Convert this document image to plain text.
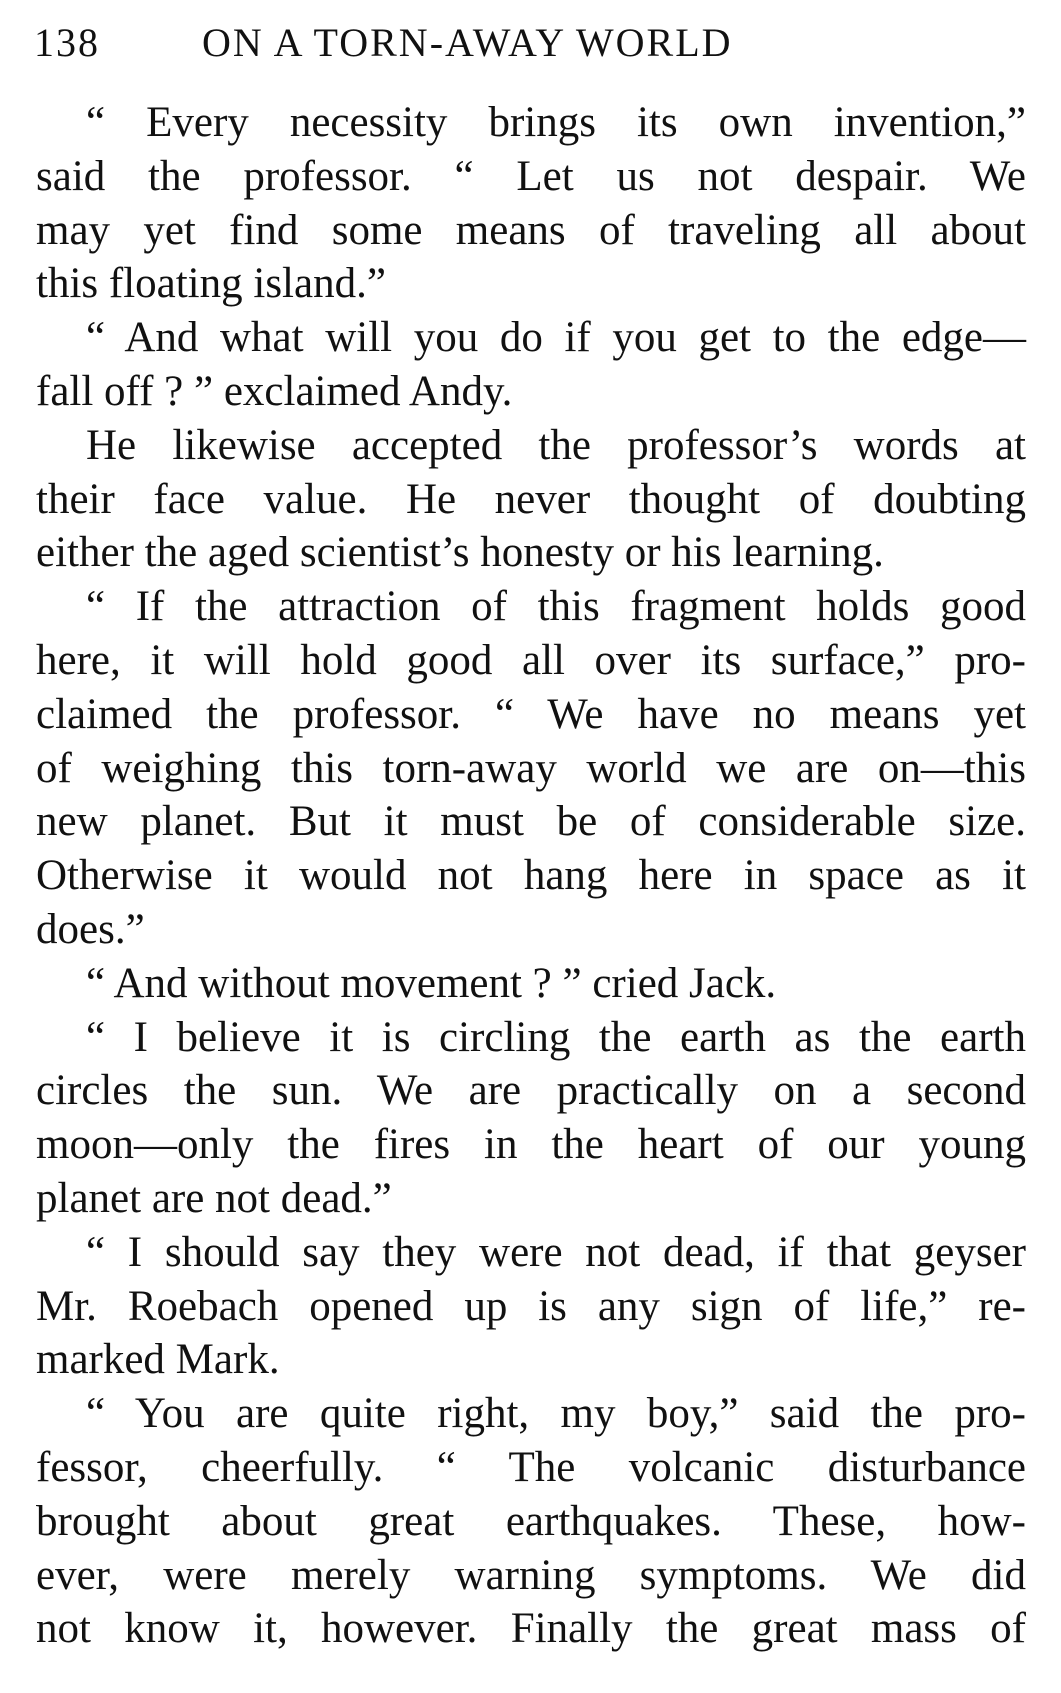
138	ON A TORN-AWAY WORLD
“ Every necessity brings its own invention,”
said the professor. “ Let us not despair. We
may yet find some means of traveling all about
this floating island.”
“ And what will you do if you get to the edge—
fall off ? ” exclaimed Andy.
He likewise accepted the professor’s words at
their face value. He never thought of doubting
either the aged scientist’s honesty or his learning.
“ If the attraction of this fragment holds good
here, it will hold good all over its surface,” pro-
claimed the professor. “ We have no means yet
of weighing this torn-away world we are on—this
new planet. But it must be of considerable size.
Otherwise it would not hang here in space as it
does.”
“ And without movement ? ” cried Jack.
“ I believe it is circling the earth as the earth
circles the sun. We are practically on a second
moon—only the fires in the heart of our young
planet are not dead.”
“ I should say they were not dead, if that geyser
Mr. Roebach opened up is any sign of life,” re-
marked Mark.
“ You are quite right, my boy,” said the pro-
fessor, cheerfully. “ The volcanic disturbance
brought about great earthquakes. These, how-
ever, were merely warning symptoms. We did
not know it, however. Finally the great mass of
